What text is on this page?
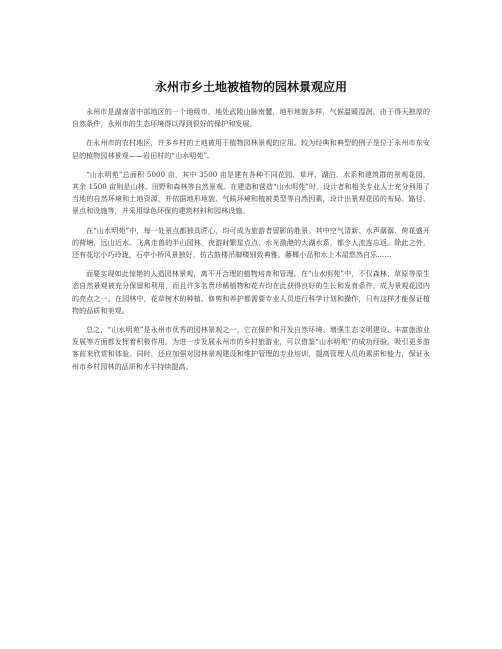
永州市乡土地被植物的园林景观应用

永州市是湖南省中部地区的一个地级市，地处武陵山脉南麓，地形地貌多样，气候温暖湿润。由于得天独厚的自然条件，永州市的生态环境得以得到很好的保护和发展。

在永州市的农村地区，许多乡村的土地被用于植物园林景观的应用。较为经典和典型的例子是位于永州市东安县的植物园林景观——岩田村的“山水明苑”。

“山水明苑”总面积 5000 亩，其中 3500 亩是建有各种不同花园、草坪、湖泊、水系和建筑群的景观花园，其余 1500 亩则是山林、田野和森林等自然景观。在建造和营造“山水明苑”时，设计者和相关专业人士充分利用了当地的自然环境和土地资源，并依据地形地貌、气候环境和植被类型等自然因素，设计出景观花园的布局、路径、景点和设施等，并采用绿色环保的建筑材料和园林设施。

在“山水明苑”中，每一处景点都独具匠心，均可成为旅游者留影的胜景。其中空气清新、水声潺潺、荷花盛开的荷塘，远山近水、飞禽走兽的半山园林，夜游时繁星点点、水光潋滟的大湖水系，都令人流连忘返。除此之外，还有花坛小巧玲珑，石亭小桥风景独好，仿古鼓楼吊脚楼别致典雅，藤椰小品和水上木屋悠然自乐……

而要实现如此惊艳的人造园林景观，离不开合理的植物培育和管理。在“山水明苑”中，不仅森林、草原等原生态自然景观被充分保留和利用，而且许多名贵珍稀植物和花卉均在此获得良好的生长和发育条件，成为景观花园内的亮点之一。在园林中，花草树木的种植、修剪和养护都需要专业人员进行科学计划和操作，只有这样才能保证植物的品质和美观。

总之，“山水明苑”是永州市优秀的园林景观之一，它在保护和开发自然环境、增强生态文明建设、丰富旅游业发展等方面都发挥着积极作用。为进一步发展永州市的乡村旅游业，可以借鉴“山水明苑”的成功经验，吸引更多游客前来欣赏和体验。同时，还应加强对园林景观建设和维护管理的专业培训，提高管理人员的素质和能力，保证永州市乡村园林的品质和水平持续提高。
